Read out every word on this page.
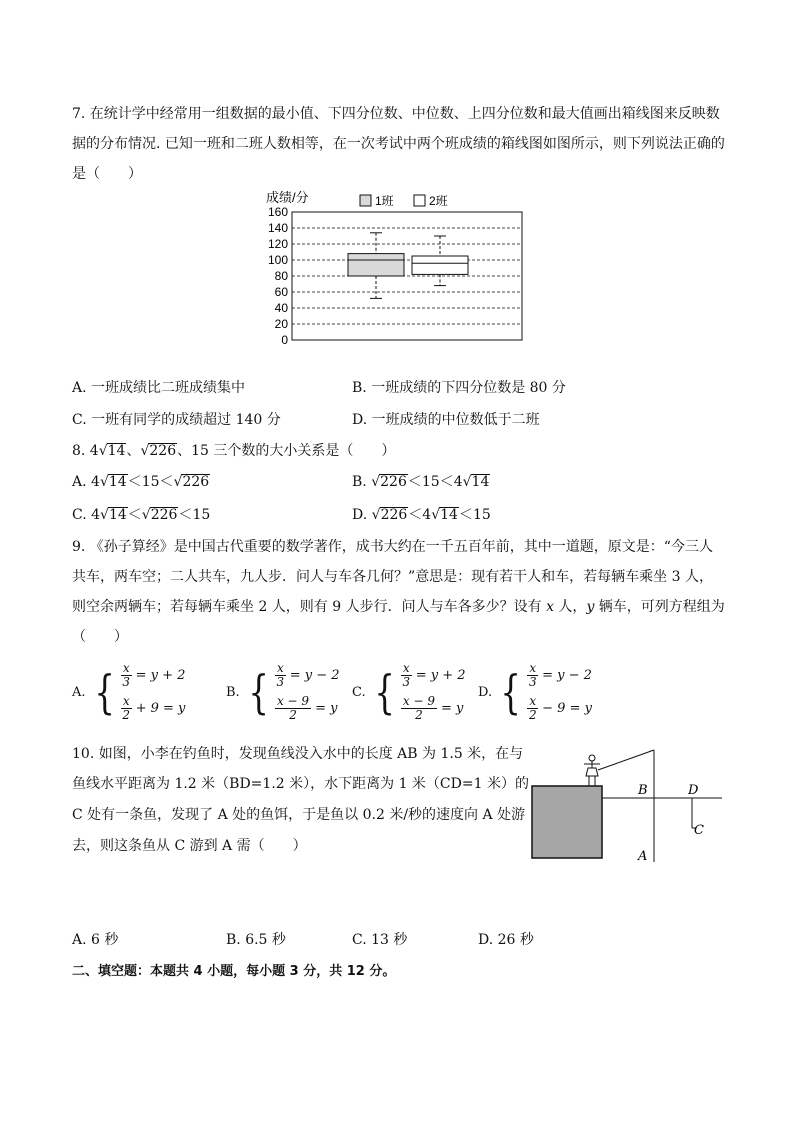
7. 在统计学中经常用一组数据的最小值、下四分位数、中位数、上四分位数和最大值画出箱线图来反映数
据的分布情况. 已知一班和二班人数相等，在一次考试中两个班成绩的箱线图如图所示，则下列说法正确的
是（　　）
成绩/分	1班	2班
160
140
120
100
80
60
40
20
0
A. 一班成绩比二班成绩集中	B. 一班成绩的下四分位数是 80 分
C. 一班有同学的成绩超过 140 分	D. 一班成绩的中位数低于二班
8. 4√14、√226、15 三个数的大小关系是（　　）
A. 4√14＜15＜√226	B. √226＜15＜4√14
C. 4√14＜√226＜15	D. √226＜4√14＜15
9. 《孙子算经》是中国古代重要的数学著作，成书大约在一千五百年前，其中一道题，原文是：“今三人
共车，两车空；二人共车，九人步．问人与车各几何？”意思是：现有若干人和车，若每辆车乘坐 3 人，
则空余两辆车；若每辆车乘坐 2 人，则有 9 人步行．问人与车各多少？设有 x 人，y 辆车，可列方程组为
（　　）
A. { $\frac{x}{3} = y + 2$
$\frac{x}{2} + 9 = y$
B. { $\frac{x}{3} = y - 2$
$\frac{x - 9}{2} = y$
C. { $\frac{x}{3} = y + 2$
$\frac{x - 9}{2} = y$
D. { $\frac{x}{3} = y - 2$
$\frac{x}{2} - 9 = y$
10. 如图，小李在钓鱼时，发现鱼线没入水中的长度 AB 为 1.5 米，在与
鱼线水平距离为 1.2 米（BD=1.2 米），水下距离为 1 米（CD=1 米）的
C 处有一条鱼，发现了 A 处的鱼饵，于是鱼以 0.2 米/秒的速度向 A 处游
去，则这条鱼从 C 游到 A 需（　　）
B	D
C
A
A. 6 秒	B. 6.5 秒	C. 13 秒	D. 26 秒
二、填空题：本题共 4 小题，每小题 3 分，共 12 分。
